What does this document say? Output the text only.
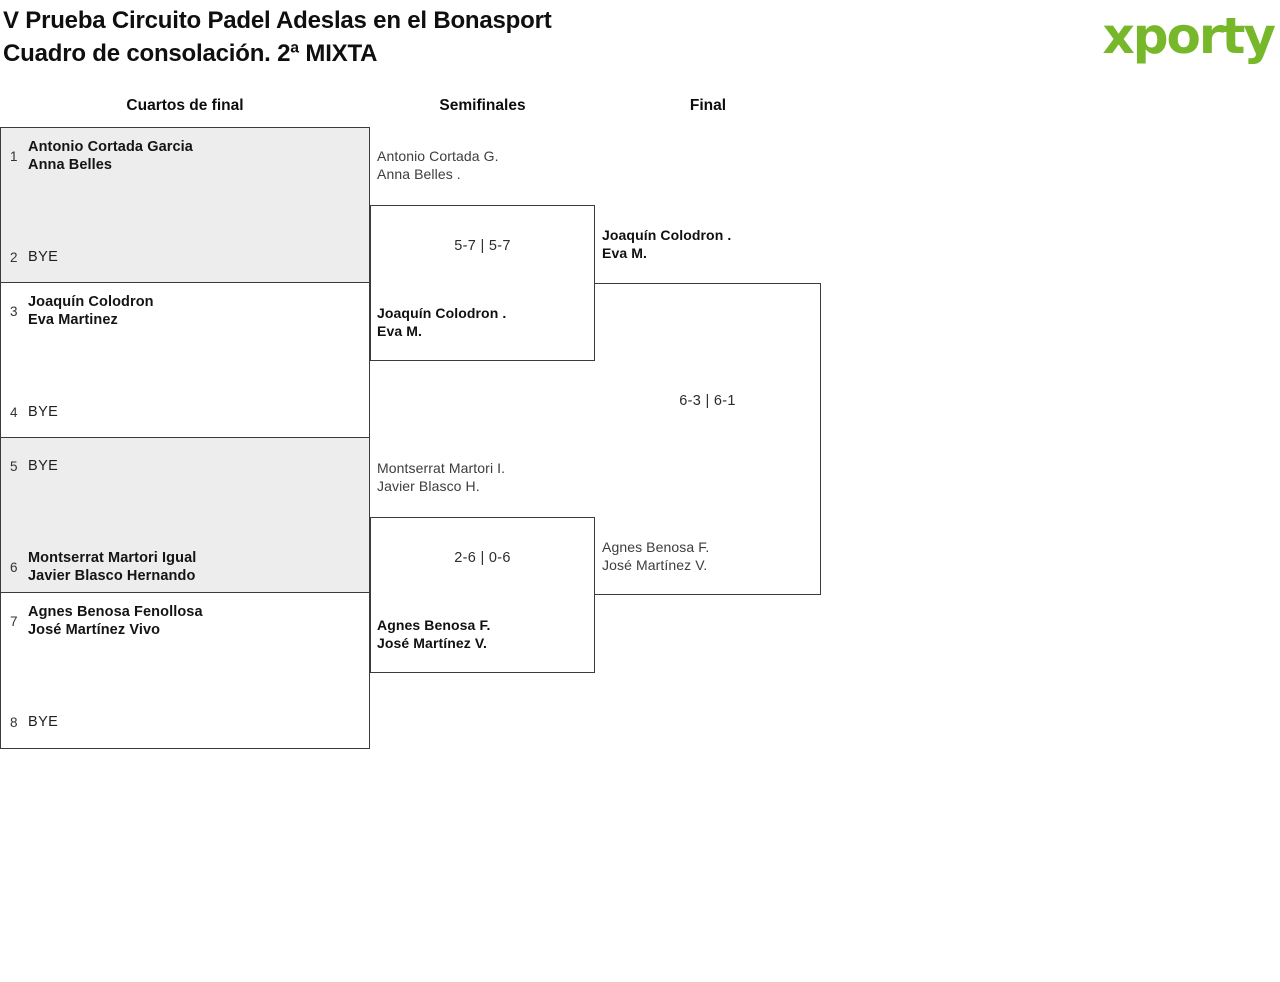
V Prueba Circuito Padel Adeslas en el Bonasport
Cuadro de consolación. 2ª MIXTA	xporty
Cuartos de final	Semifinales	Final
1
Antonio Cortada Garcia
Anna Belles
2 BYE
3
Joaquín Colodron
Eva Martinez
4 BYE
5 BYE
6
Montserrat Martori Igual
Javier Blasco Hernando
7
Agnes Benosa Fenollosa
José Martínez Vivo
8 BYE
Antonio Cortada G.
Anna Belles .
5-7 | 5-7
Joaquín Colodron .
Eva M.
Montserrat Martori I.
Javier Blasco H.
2-6 | 0-6
Agnes Benosa F.
José Martínez V.
Joaquín Colodron .
Eva M.
6-3 | 6-1
Agnes Benosa F.
José Martínez V.
